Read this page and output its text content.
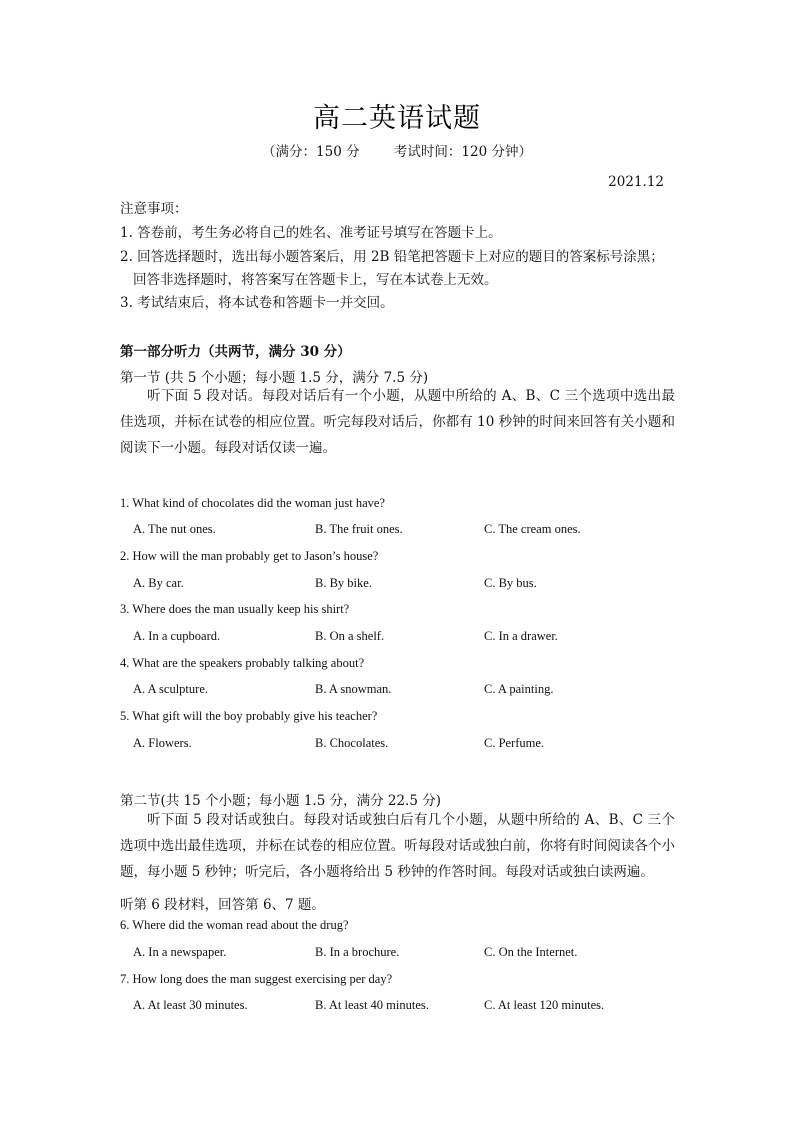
高二英语试题
（满分：150 分        考试时间：120 分钟）
2021.12
注意事项：
1. 答卷前，考生务必将自己的姓名、准考证号填写在答题卡上。
2. 回答选择题时，选出每小题答案后，用 2B 铅笔把答题卡上对应的题目的答案标号涂黑；
回答非选择题时，将答案写在答题卡上，写在本试卷上无效。
3. 考试结束后，将本试卷和答题卡一并交回。
第一部分听力（共两节，满分 30 分）
第一节 (共 5 个小题；每小题 1.5 分，满分 7.5 分)
听下面 5 段对话。每段对话后有一个小题，从题中所给的 A、B、C 三个选项中选出最佳选项，并标在试卷的相应位置。听完每段对话后，你都有 10 秒钟的时间来回答有关小题和阅读下一小题。每段对话仅读一遍。
1. What kind of chocolates did the woman just have?
A. The nut ones.	B. The fruit ones.	C. The cream ones.
2. How will the man probably get to Jason’s house?
A. By car.	B. By bike.	C. By bus.
3. Where does the man usually keep his shirt?
A. In a cupboard.	B. On a shelf.	C. In a drawer.
4. What are the speakers probably talking about?
A. A sculpture.	B. A snowman.	C. A painting.
5. What gift will the boy probably give his teacher?
A. Flowers.	B. Chocolates.	C. Perfume.
第二节(共 15 个小题；每小题 1.5 分，满分 22.5 分)
听下面 5 段对话或独白。每段对话或独白后有几个小题，从题中所给的 A、B、C 三个选项中选出最佳选项，并标在试卷的相应位置。听每段对话或独白前，你将有时间阅读各个小题，每小题 5 秒钟；听完后，各小题将给出 5 秒钟的作答时间。每段对话或独白读两遍。
听第 6 段材料，回答第 6、7 题。
6. Where did the woman read about the drug?
A. In a newspaper.	B. In a brochure.	C. On the Internet.
7. How long does the man suggest exercising per day?
A. At least 30 minutes.	B. At least 40 minutes.	C. At least 120 minutes.
